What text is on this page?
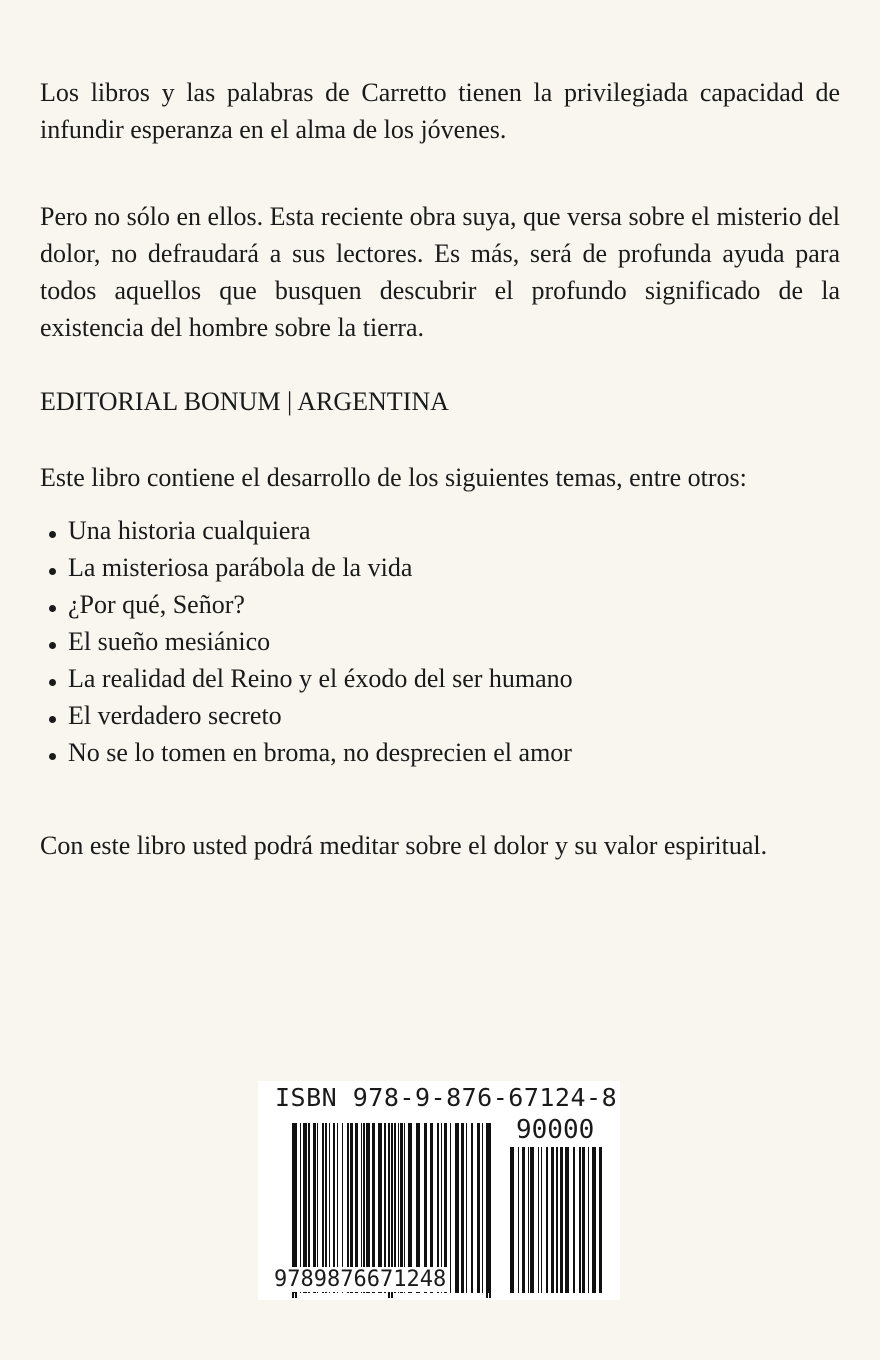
Los libros y las palabras de Carretto tienen la privilegiada capacidad de infundir esperanza en el alma de los jóvenes.

Pero no sólo en ellos. Esta reciente obra suya, que versa sobre el misterio del dolor, no defraudará a sus lectores. Es más, será de profunda ayuda para todos aquellos que busquen descubrir el profundo significado de la existencia del hombre sobre la tierra.

EDITORIAL BONUM | ARGENTINA

Este libro contiene el desarrollo de los siguientes temas, entre otros:

Una historia cualquiera
La misteriosa parábola de la vida
¿Por qué, Señor?
El sueño mesiánico
La realidad del Reino y el éxodo del ser humano
El verdadero secreto
No se lo tomen en broma, no desprecien el amor

Con este libro usted podrá meditar sobre el dolor y su valor espiritual.

ISBN 978-9-876-67124-8
90000
9789876671248
